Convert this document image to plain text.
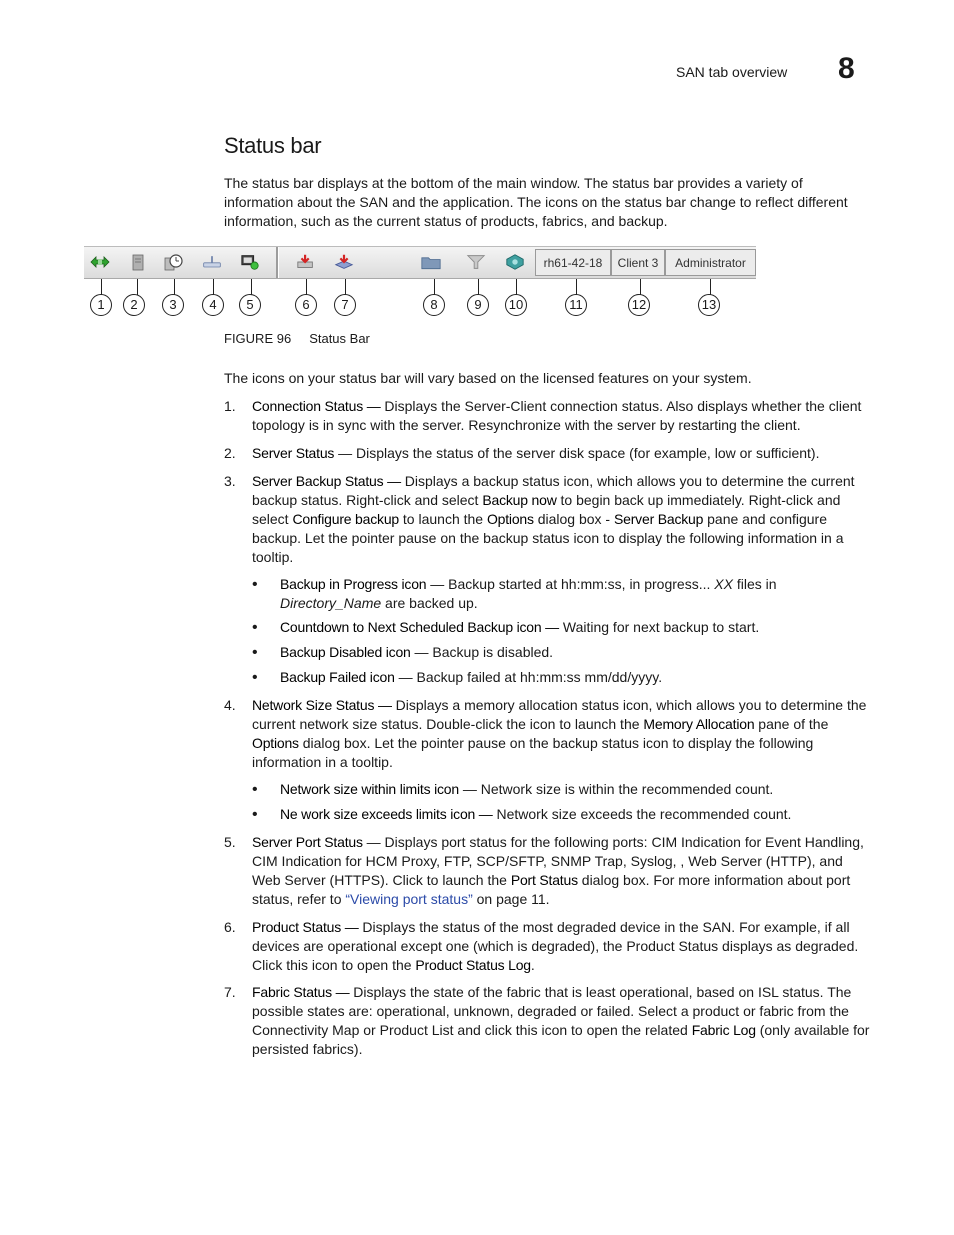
SAN tab overview 8
Status bar

The status bar displays at the bottom of the main window. The status bar provides a variety of information about the SAN and the application. The icons on the status bar change to reflect different information, such as the current status of products, fabrics, and backup.

rh61-42-18	Client 3	Administrator
1	2	3	4	5	6	7	8	9	10	11	12	13
FIGURE 96 Status Bar

The icons on your status bar will vary based on the licensed features on your system.

1. Connection Status — Displays the Server-Client connection status. Also displays whether the client topology is in sync with the server. Resynchronize with the server by restarting the client.
2. Server Status — Displays the status of the server disk space (for example, low or sufficient).
3. Server Backup Status — Displays a backup status icon, which allows you to determine the current backup status. Right-click and select Backup now to begin back up immediately. Right-click and select Configure backup to launch the Options dialog box - Server Backup pane and configure backup. Let the pointer pause on the backup status icon to display the following information in a tooltip.
• Backup in Progress icon — Backup started at hh:mm:ss, in progress... XX files in Directory_Name are backed up.
• Countdown to Next Scheduled Backup icon — Waiting for next backup to start.
• Backup Disabled icon — Backup is disabled.
• Backup Failed icon — Backup failed at hh:mm:ss mm/dd/yyyy.
4. Network Size Status — Displays a memory allocation status icon, which allows you to determine the current network size status. Double-click the icon to launch the Memory Allocation pane of the Options dialog box. Let the pointer pause on the backup status icon to display the following information in a tooltip.
• Network size within limits icon — Network size is within the recommended count.
• Ne work size exceeds limits icon — Network size exceeds the recommended count.
5. Server Port Status — Displays port status for the following ports: CIM Indication for Event Handling, CIM Indication for HCM Proxy, FTP, SCP/SFTP, SNMP Trap, Syslog, , Web Server (HTTP), and Web Server (HTTPS). Click to launch the Port Status dialog box. For more information about port status, refer to “Viewing port status” on page 11.
6. Product Status — Displays the status of the most degraded device in the SAN. For example, if all devices are operational except one (which is degraded), the Product Status displays as degraded. Click this icon to open the Product Status Log.
7. Fabric Status — Displays the state of the fabric that is least operational, based on ISL status. The possible states are: operational, unknown, degraded or failed. Select a product or fabric from the Connectivity Map or Product List and click this icon to open the related Fabric Log (only available for persisted fabrics).
